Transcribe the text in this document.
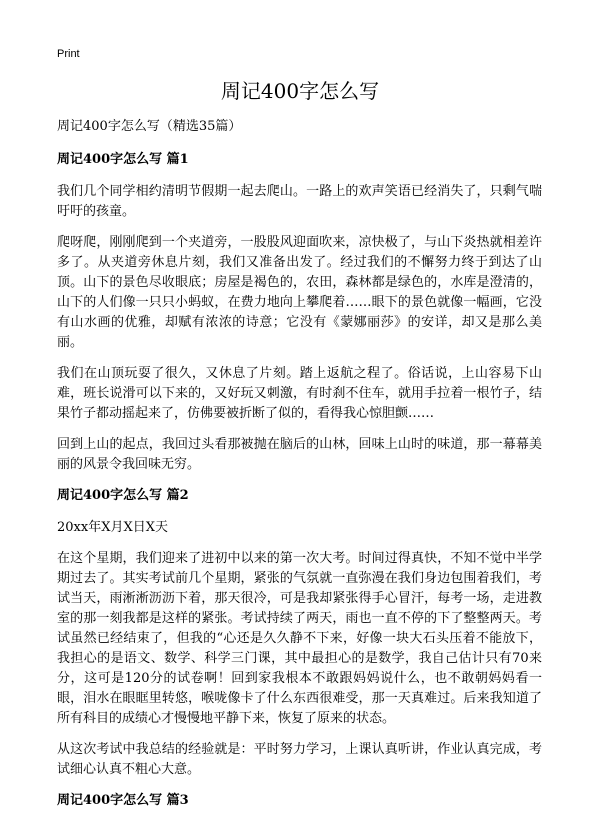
Print
周记400字怎么写
周记400字怎么写（精选35篇）
周记400字怎么写 篇1
我们几个同学相约清明节假期一起去爬山。一路上的欢声笑语已经消失了，只剩气喘吁吁的孩童。
爬呀爬，刚刚爬到一个夹道旁，一股股风迎面吹来，凉快极了，与山下炎热就相差许多了。从夹道旁休息片刻，我们又准备出发了。经过我们的不懈努力终于到达了山顶。山下的景色尽收眼底；房屋是褐色的，农田，森林都是绿色的，水库是澄清的，山下的人们像一只只小蚂蚁，在费力地向上攀爬着……眼下的景色就像一幅画，它没有山水画的优雅，却赋有浓浓的诗意；它没有《蒙娜丽莎》的安详，却又是那么美丽。
我们在山顶玩耍了很久，又休息了片刻。踏上返航之程了。俗话说，上山容易下山难，班长说滑可以下来的，又好玩又刺激，有时刹不住车，就用手拉着一根竹子，结果竹子都动摇起来了，仿佛要被折断了似的，看得我心惊胆颤……
回到上山的起点，我回过头看那被抛在脑后的山林，回味上山时的味道，那一幕幕美丽的风景令我回味无穷。
周记400字怎么写 篇2
20xx年X月X日X天
在这个星期，我们迎来了进初中以来的第一次大考。时间过得真快，不知不觉中半学期过去了。其实考试前几个星期，紧张的气氛就一直弥漫在我们身边包围着我们，考试当天，雨淅淅沥沥下着，那天很冷，可是我却紧张得手心冒汗，每考一场，走进教室的那一刻我都是这样的紧张。考试持续了两天，雨也一直不停的下了整整两天。考试虽然已经结束了，但我的“心还是久久静不下来，好像一块大石头压着不能放下，我担心的是语文、数学、科学三门课，其中最担心的是数学，我自己估计只有70来分，这可是120分的试卷啊！回到家我根本不敢跟妈妈说什么，也不敢朝妈妈看一眼，泪水在眼眶里转悠，喉咙像卡了什么东西很难受，那一天真难过。后来我知道了所有科目的成绩心才慢慢地平静下来，恢复了原来的状态。
从这次考试中我总结的经验就是：平时努力学习，上课认真听讲，作业认真完成，考试细心认真不粗心大意。
周记400字怎么写 篇3
